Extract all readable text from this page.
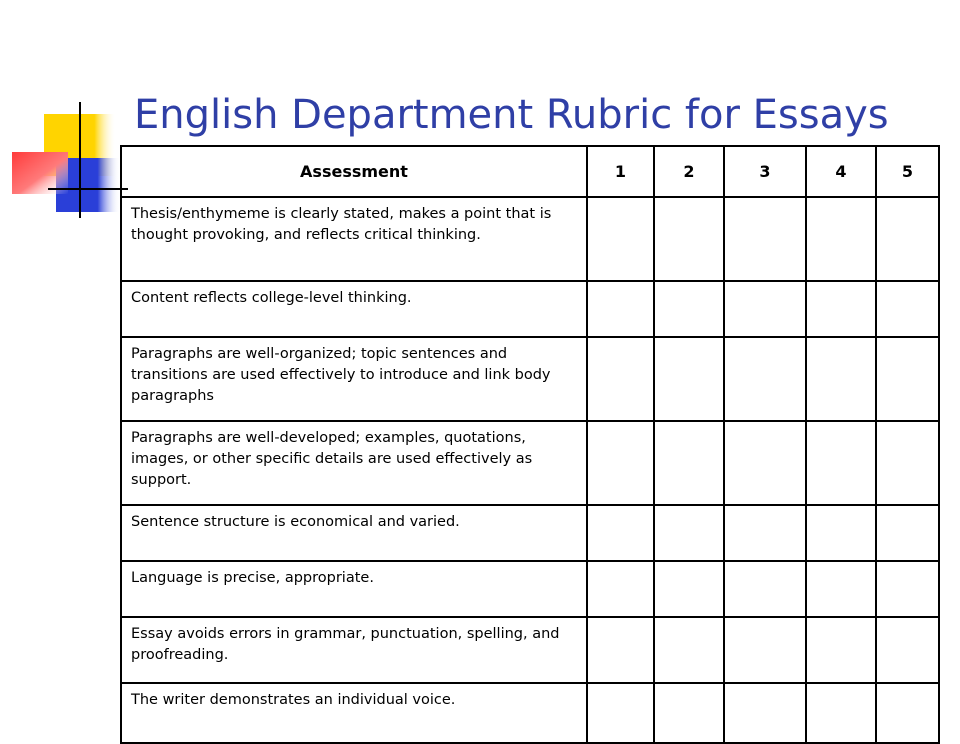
English Department Rubric for Essays
Assessment	1	2	3	4	5
Thesis/enthymeme is clearly stated, makes a point that is thought provoking, and reflects critical thinking.					
Content reflects college-level thinking.					
Paragraphs are well-organized; topic sentences and transitions are used effectively to introduce and link body paragraphs					
Paragraphs are well-developed; examples, quotations, images, or other specific details are used effectively as support.					
Sentence structure is economical and varied.					
Language is precise, appropriate.					
Essay avoids errors in grammar, punctuation, spelling, and proofreading.					
The writer demonstrates an individual voice.					
